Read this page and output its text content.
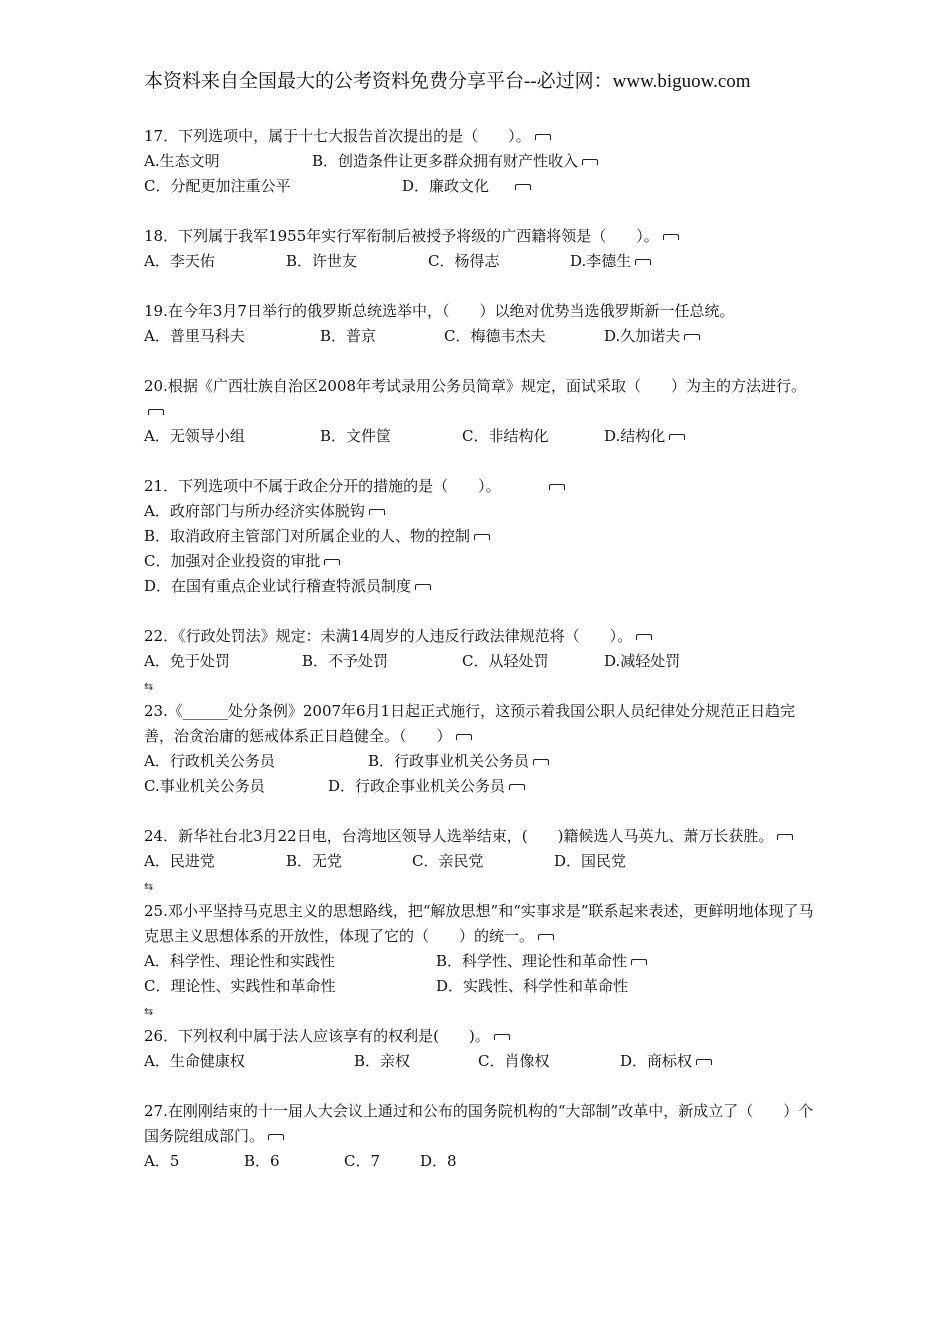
本资料来自全国最大的公考资料免费分享平台--必过网：www.biguow.com
17．下列选项中，属于十七大报告首次提出的是（　　）。
A.生态文明	B．创造条件让更多群众拥有财产性收入
C．分配更加注重公平	D．廉政文化
18．下列属于我军1955年实行军衔制后被授予将级的广西籍将领是（　　）。
A．李天佑	B．许世友	C．杨得志	D.李德生
19.在今年3月7日举行的俄罗斯总统选举中，（　　）以绝对优势当选俄罗斯新一任总统。
A．普里马科夫	B．普京	C．梅德韦杰夫	D.久加诺夫
20.根据《广西壮族自治区2008年考试录用公务员简章》规定，面试采取（　　）为主的方法进行。
A．无领导小组	B．文件筐	C．非结构化	D.结构化
21．下列选项中不属于政企分开的措施的是（　　）。
A．政府部门与所办经济实体脱钩
B．取消政府主管部门对所属企业的人、物的控制
C．加强对企业投资的审批
D．在国有重点企业试行稽查特派员制度
22．《行政处罚法》规定：未满14周岁的人违反行政法律规范将（　　）。
A．免于处罚	B．不予处罚	C．从轻处罚	D.减轻处罚
⇆
23.《______处分条例》2007年6月1日起正式施行，这预示着我国公职人员纪律处分规范正日趋完善，治贪治庸的惩戒体系正日趋健全。（　　）
A．行政机关公务员	B．行政事业机关公务员
C.事业机关公务员	D．行政企事业机关公务员
24．新华社台北3月22日电，台湾地区领导人选举结束，(　　)籍候选人马英九、萧万长获胜。
A．民进党	B．无党	C．亲民党	D．国民党
⇆
25.邓小平坚持马克思主义的思想路线，把“解放思想”和“实事求是”联系起来表述，更鲜明地体现了马克思主义思想体系的开放性，体现了它的（　　）的统一。
A．科学性、理论性和实践性	B．科学性、理论性和革命性
C．理论性、实践性和革命性	D．实践性、科学性和革命性
⇆
26．下列权利中属于法人应该享有的权利是(　　)。
A．生命健康权	B．亲权	C．肖像权	D．商标权
27.在刚刚结束的十一届人大会议上通过和公布的国务院机构的“大部制”改革中，新成立了（　　）个国务院组成部门。
A．5	B．6	C．7	D．8
